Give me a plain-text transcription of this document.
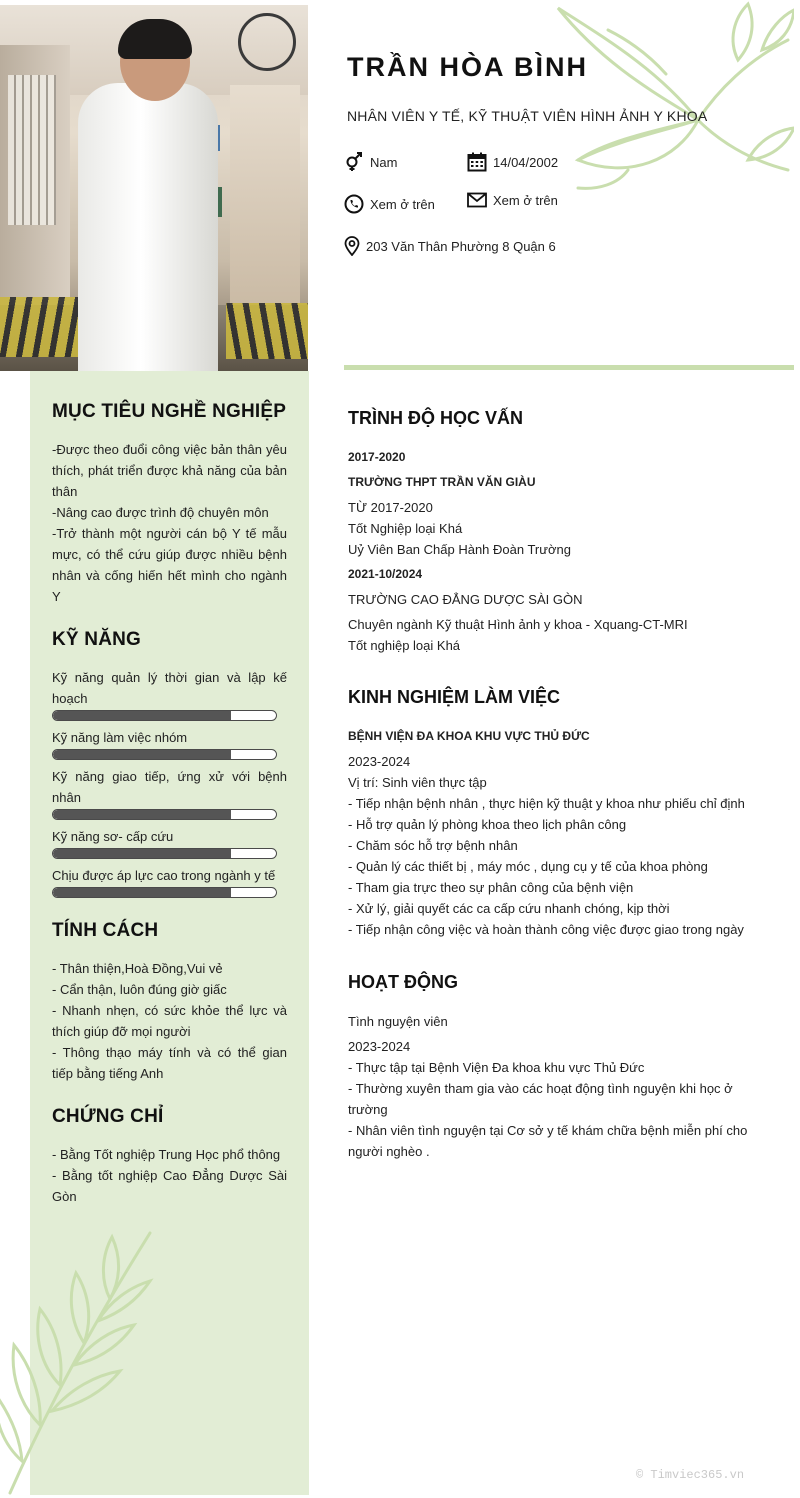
MỤC TIÊU NGHỀ NGHIỆP

-Được theo đuổi công việc bản thân yêu thích, phát triển được khả năng của bản thân

-Nâng cao được trình độ chuyên môn

-Trở thành một người cán bộ Y tế mẫu mực, có thể cứu giúp được nhiều bệnh nhân và cống hiến hết mình cho ngành Y

KỸ NĂNG
Kỹ năng quản lý thời gian và lập kế hoạch
Kỹ năng làm việc nhóm
Kỹ năng giao tiếp, ứng xử với bệnh nhân
Kỹ năng sơ- cấp cứu
Chịu được áp lực cao trong ngành y tế
TÍNH CÁCH

- Thân thiện,Hoà Đồng,Vui vẻ

- Cẩn thận, luôn đúng giờ giấc

- Nhanh nhẹn, có sức khỏe thể lực và thích giúp đỡ mọi người

- Thông thạo máy tính và có thể gian tiếp bằng tiếng Anh

CHỨNG CHỈ

- Bằng Tốt nghiệp Trung Học phổ thông

- Bằng tốt nghiệp Cao Đẳng Dược Sài Gòn

TRẦN HÒA BÌNH
NHÂN VIÊN Y TẾ, KỸ THUẬT VIÊN HÌNH ẢNH Y KHOA
Nam	14/04/2002
Xem ở trên	Xem ở trên
203 Văn Thân Phường 8 Quận 6
TRÌNH ĐỘ HỌC VẤN
2017-2020
TRƯỜNG THPT TRẦN VĂN GIÀU
TỪ 2017-2020
Tốt Nghiệp loại Khá
Uỷ Viên Ban Chấp Hành Đoàn Trường
2021-10/2024
TRƯỜNG CAO ĐẲNG DƯỢC SÀI GÒN
Chuyên ngành Kỹ thuật Hình ảnh y khoa - Xquang-CT-MRI
Tốt nghiệp loại Khá
KINH NGHIỆM LÀM VIỆC
BỆNH VIỆN ĐA KHOA KHU VỰC THỦ ĐỨC
2023-2024
Vị trí: Sinh viên thực tập
- Tiếp nhận bệnh nhân , thực hiện kỹ thuật y khoa như phiếu chỉ định
- Hỗ trợ quản lý phòng khoa theo lịch phân công
- Chăm sóc hỗ trợ bệnh nhân
- Quản lý các thiết bị , máy móc , dụng cụ y tế của khoa phòng
- Tham gia trực theo sự phân công của bệnh viện
- Xử lý, giải quyết các ca cấp cứu nhanh chóng, kịp thời
- Tiếp nhận công việc và hoàn thành công việc được giao trong ngày
HOẠT ĐỘNG
Tình nguyện viên
2023-2024
- Thực tập tại Bệnh Viện Đa khoa khu vực Thủ Đức
- Thường xuyên tham gia vào các hoạt động tình nguyện khi học ở trường
- Nhân viên tình nguyện tại Cơ sở y tế khám chữa bệnh miễn phí cho người nghèo .
© Timviec365.vn
